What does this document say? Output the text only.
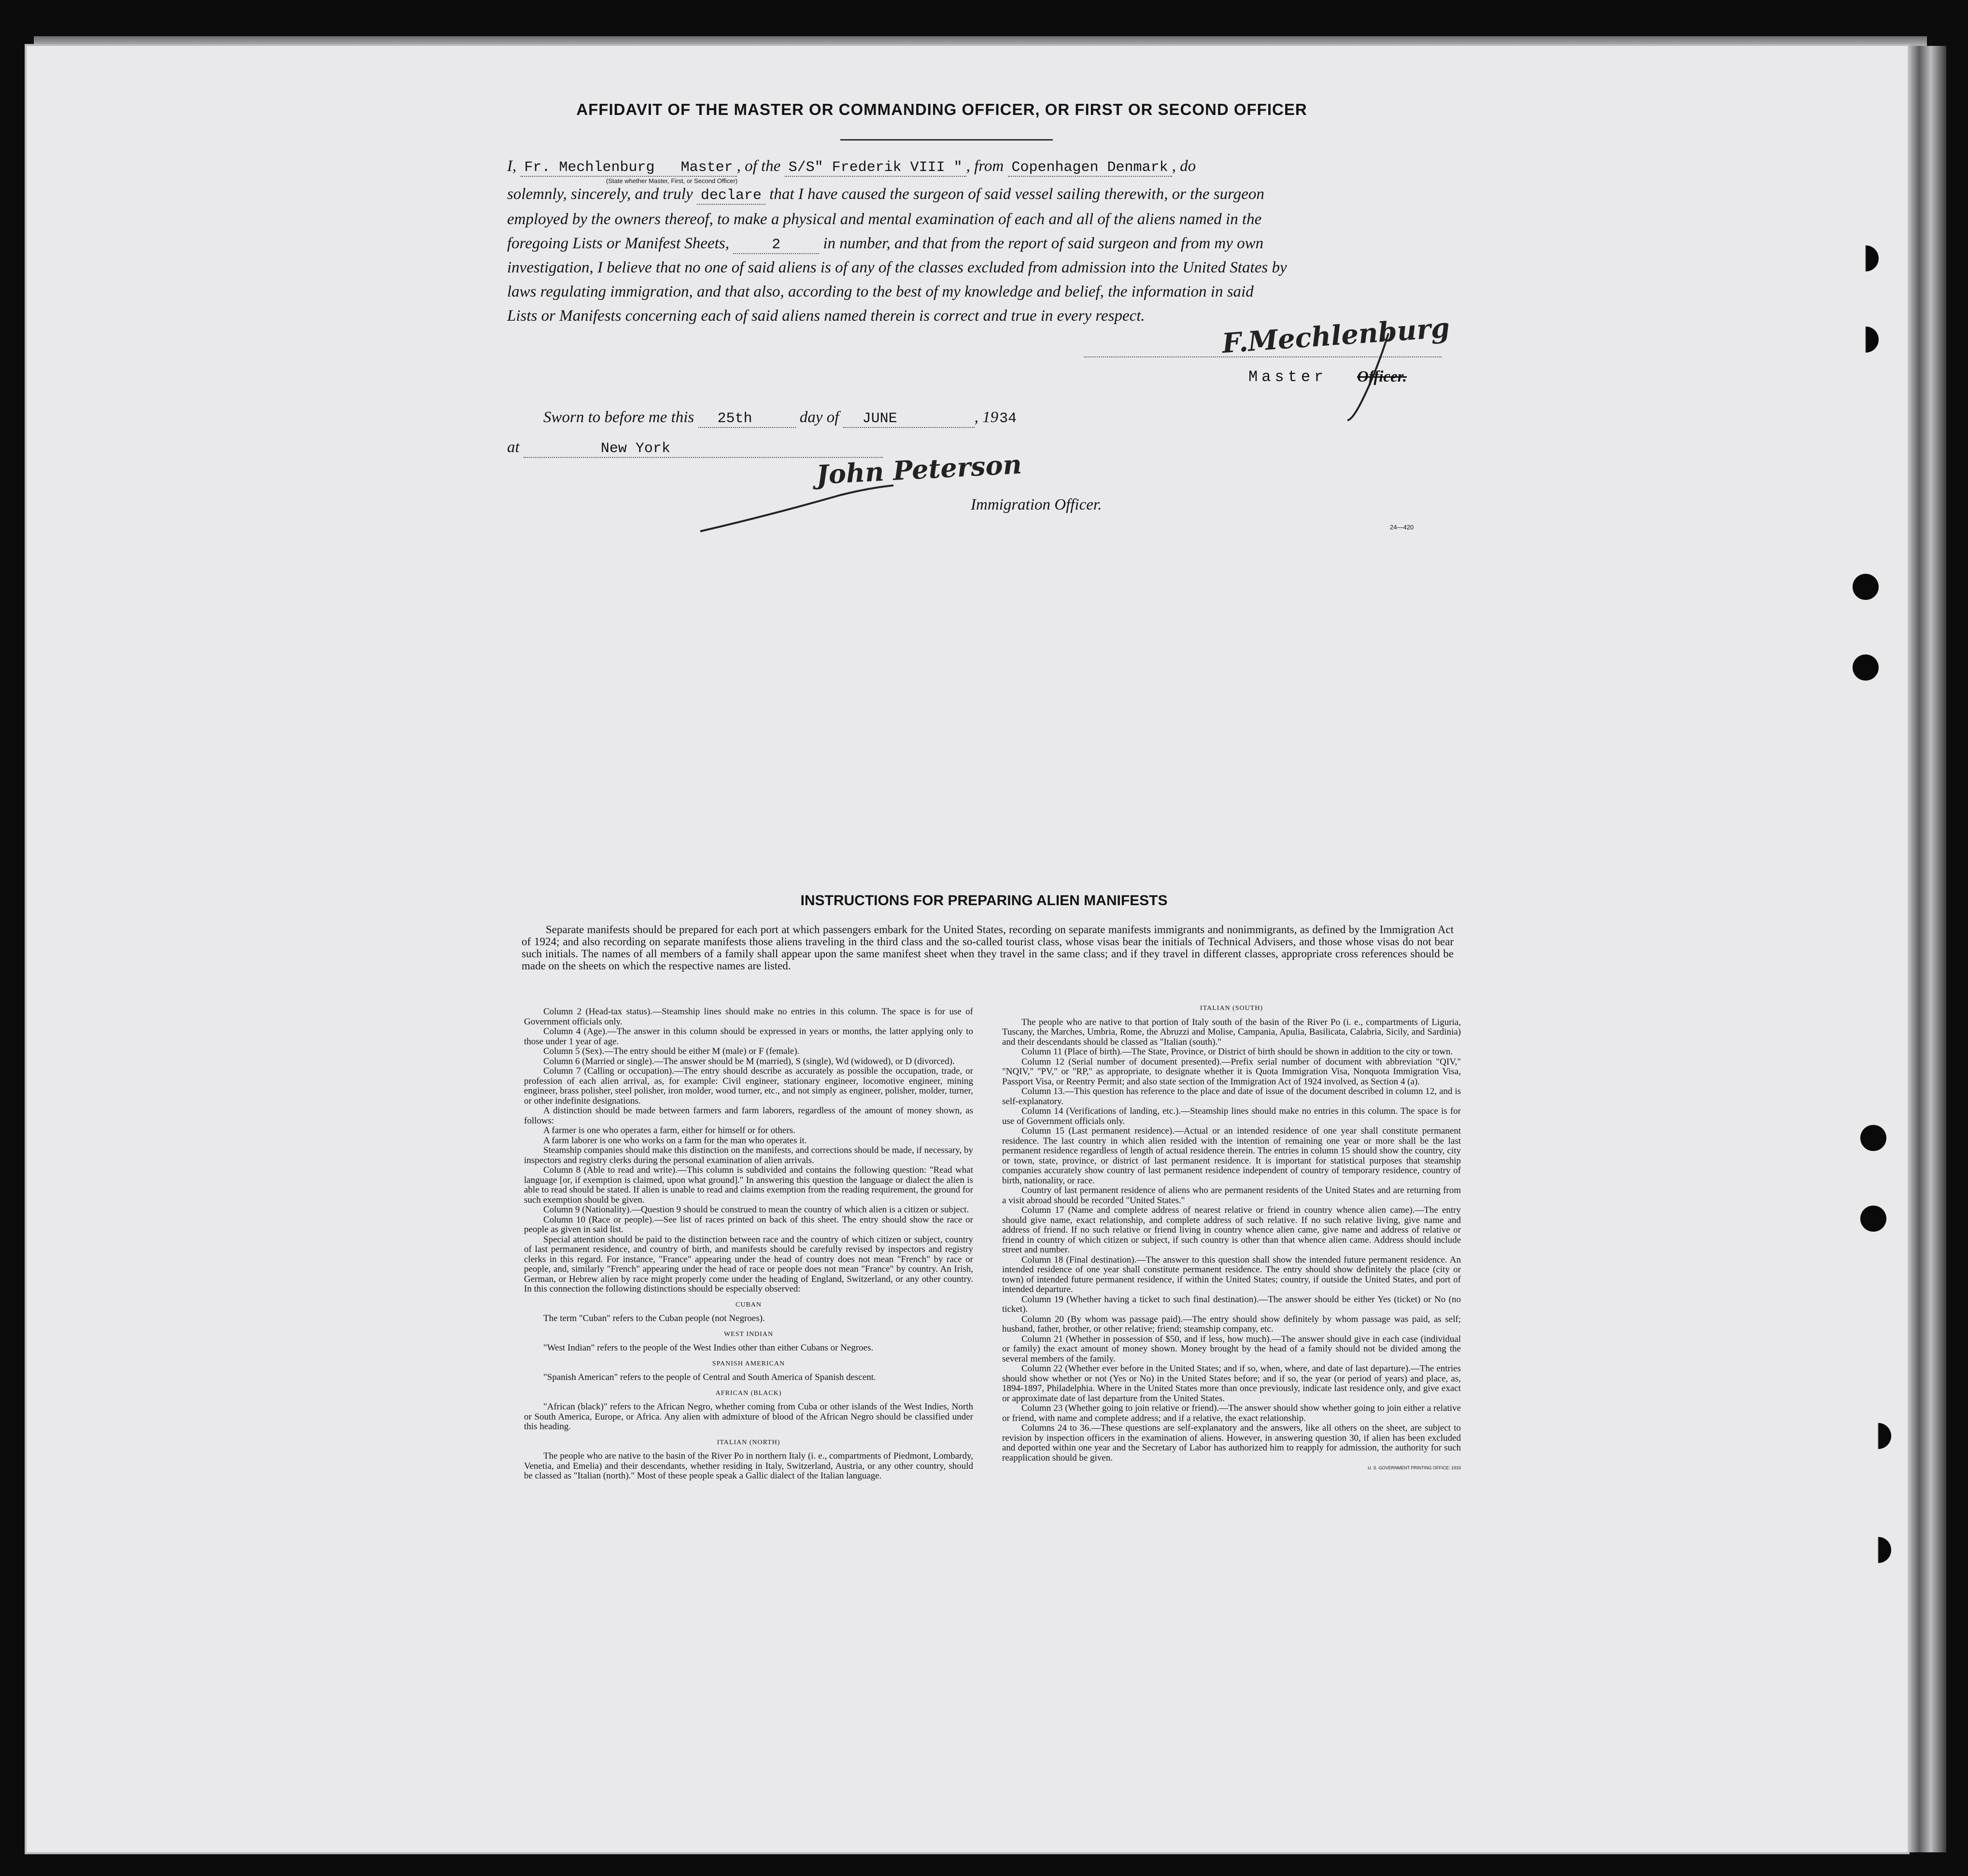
AFFIDAVIT OF THE MASTER OR COMMANDING OFFICER, OR FIRST OR SECOND OFFICER
I, Fr. Mechlenburg Master , of the S/S" Frederik VIII " , from Copenhagen Denmark , do
(State whether Master, First, or Second Officer)
solemnly, sincerely, and truly declare that I have caused the surgeon of said vessel sailing therewith, or the surgeon
employed by the owners thereof, to make a physical and mental examination of each and all of the aliens named in the
foregoing Lists or Manifest Sheets,	2	in number, and that from the report of said surgeon and from my own
investigation, I believe that no one of said aliens is of any of the classes excluded from admission into the United States by
laws regulating immigration, and that also, according to the best of my knowledge and belief, the information in said
Lists or Manifests concerning each of said aliens named therein is correct and true in every respect.	F.Mechlenburg
Master Officer.
Sworn to before me this 25th	day of JUNE	, 1934
at	New York	John Peterson
Immigration Officer.
24—420
INSTRUCTIONS FOR PREPARING ALIEN MANIFESTS
Separate manifests should be prepared for each port at which passengers embark for the United States, recording on separate manifests immigrants and nonimmigrants, as defined by the Immigration Act of 1924; and also recording on separate manifests those aliens traveling in the third class and the so-called tourist class, whose visas bear the initials of Technical Advisers, and those whose visas do not bear such initials. The names of all members of a family shall appear upon the same manifest sheet when they travel in the same class; and if they travel in different classes, appropriate cross references should be made on the sheets on which the respective names are listed.

Column 2 (Head-tax status).—Steamship lines should make no entries in this column. The space is for use of Government officials only.

Column 4 (Age).—The answer in this column should be expressed in years or months, the latter applying only to those under 1 year of age.

Column 5 (Sex).—The entry should be either M (male) or F (female).

Column 6 (Married or single).—The answer should be M (married), S (single), Wd (widowed), or D (divorced).

Column 7 (Calling or occupation).—The entry should describe as accurately as possible the occupation, trade, or profession of each alien arrival, as, for example: Civil engineer, stationary engineer, locomotive engineer, mining engineer, brass polisher, steel polisher, iron molder, wood turner, etc., and not simply as engineer, polisher, molder, turner, or other indefinite designations.

A distinction should be made between farmers and farm laborers, regardless of the amount of money shown, as follows:

A farmer is one who operates a farm, either for himself or for others.

A farm laborer is one who works on a farm for the man who operates it.

Steamship companies should make this distinction on the manifests, and corrections should be made, if necessary, by inspectors and registry clerks during the personal examination of alien arrivals.

Column 8 (Able to read and write).—This column is subdivided and contains the following question: "Read what language [or, if exemption is claimed, upon what ground]." In answering this question the language or dialect the alien is able to read should be stated. If alien is unable to read and claims exemption from the reading requirement, the ground for such exemption should be given.

Column 9 (Nationality).—Question 9 should be construed to mean the country of which alien is a citizen or subject.

Column 10 (Race or people).—See list of races printed on back of this sheet. The entry should show the race or people as given in said list.

Special attention should be paid to the distinction between race and the country of which citizen or subject, country of last permanent residence, and country of birth, and manifests should be carefully revised by inspectors and registry clerks in this regard. For instance, "France" appearing under the head of country does not mean "French" by race or people, and, similarly "French" appearing under the head of race or people does not mean "France" by country. An Irish, German, or Hebrew alien by race might properly come under the heading of England, Switzerland, or any other country. In this connection the following distinctions should be especially observed:

CUBAN

The term "Cuban" refers to the Cuban people (not Negroes).

WEST INDIAN

"West Indian" refers to the people of the West Indies other than either Cubans or Negroes.

SPANISH AMERICAN

"Spanish American" refers to the people of Central and South America of Spanish descent.

AFRICAN (BLACK)

"African (black)" refers to the African Negro, whether coming from Cuba or other islands of the West Indies, North or South America, Europe, or Africa. Any alien with admixture of blood of the African Negro should be classified under this heading.

ITALIAN (NORTH)

The people who are native to the basin of the River Po in northern Italy (i. e., compartments of Piedmont, Lombardy, Venetia, and Emelia) and their descendants, whether residing in Italy, Switzerland, Austria, or any other country, should be classed as "Italian (north)." Most of these people speak a Gallic dialect of the Italian language.

ITALIAN (SOUTH)

The people who are native to that portion of Italy south of the basin of the River Po (i. e., compartments of Liguria, Tuscany, the Marches, Umbria, Rome, the Abruzzi and Molise, Campania, Apulia, Basilicata, Calabria, Sicily, and Sardinia) and their descendants should be classed as "Italian (south)."

Column 11 (Place of birth).—The State, Province, or District of birth should be shown in addition to the city or town.

Column 12 (Serial number of document presented).—Prefix serial number of document with abbreviation "QIV," "NQIV," "PV," or "RP," as appropriate, to designate whether it is Quota Immigration Visa, Nonquota Immigration Visa, Passport Visa, or Reentry Permit; and also state section of the Immigration Act of 1924 involved, as Section 4 (a).

Column 13.—This question has reference to the place and date of issue of the document described in column 12, and is self-explanatory.

Column 14 (Verifications of landing, etc.).—Steamship lines should make no entries in this column. The space is for use of Government officials only.

Column 15 (Last permanent residence).—Actual or an intended residence of one year shall constitute permanent residence. The last country in which alien resided with the intention of remaining one year or more shall be the last permanent residence regardless of length of actual residence therein. The entries in column 15 should show the country, city or town, state, province, or district of last permanent residence. It is important for statistical purposes that steamship companies accurately show country of last permanent residence independent of country of temporary residence, country of birth, nationality, or race.

Country of last permanent residence of aliens who are permanent residents of the United States and are returning from a visit abroad should be recorded "United States."

Column 17 (Name and complete address of nearest relative or friend in country whence alien came).—The entry should give name, exact relationship, and complete address of such relative. If no such relative living, give name and address of friend. If no such relative or friend living in country whence alien came, give name and address of relative or friend in country of which citizen or subject, if such country is other than that whence alien came. Address should include street and number.

Column 18 (Final destination).—The answer to this question shall show the intended future permanent residence. An intended residence of one year shall constitute permanent residence. The entry should show definitely the place (city or town) of intended future permanent residence, if within the United States; country, if outside the United States, and port of intended departure.

Column 19 (Whether having a ticket to such final destination).—The answer should be either Yes (ticket) or No (no ticket).

Column 20 (By whom was passage paid).—The entry should show definitely by whom passage was paid, as self; husband, father, brother, or other relative; friend; steamship company, etc.

Column 21 (Whether in possession of $50, and if less, how much).—The answer should give in each case (individual or family) the exact amount of money shown. Money brought by the head of a family should not be divided among the several members of the family.

Column 22 (Whether ever before in the United States; and if so, when, where, and date of last departure).—The entries should show whether or not (Yes or No) in the United States before; and if so, the year (or period of years) and place, as, 1894-1897, Philadelphia. Where in the United States more than once previously, indicate last residence only, and give exact or approximate date of last departure from the United States.

Column 23 (Whether going to join relative or friend).—The answer should show whether going to join either a relative or friend, with name and complete address; and if a relative, the exact relationship.

Columns 24 to 36.—These questions are self-explanatory and the answers, like all others on the sheet, are subject to revision by inspection officers in the examination of aliens. However, in answering question 30, if alien has been excluded and deported within one year and the Secretary of Labor has authorized him to reapply for admission, the authority for such reapplication should be given.

U. S. GOVERNMENT PRINTING OFFICE: 1933
